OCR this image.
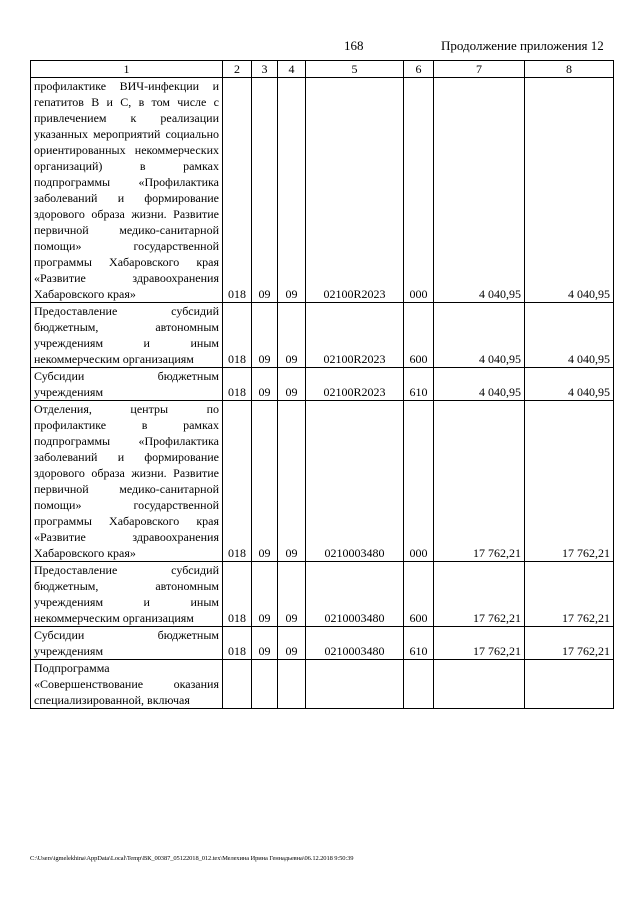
168	Продолжение приложения 12
1	2	3	4	5	6	7	8
профилактике ВИЧ-инфекции и гепатитов В и С, в том числе с привлечением к реализации указанных мероприятий социально ориентированных некоммерческих организаций) в рамках подпрограммы «Профилактика заболеваний и формирование здорового образа жизни. Развитие первичной медико-санитарной помощи» государственной программы Хабаровского края «Развитие здравоохранения Хабаровского края»	018	09	09	02100R2023	000	4 040,95	4 040,95
Предоставление субсидий бюджетным, автономным учреждениям и иным некоммерческим организациям	018	09	09	02100R2023	600	4 040,95	4 040,95
Субсидии бюджетным учреждениям	018	09	09	02100R2023	610	4 040,95	4 040,95
Отделения, центры по профилактике в рамках подпрограммы «Профилактика заболеваний и формирование здорового образа жизни. Развитие первичной медико-санитарной помощи» государственной программы Хабаровского края «Развитие здравоохранения Хабаровского края»	018	09	09	0210003480	000	17 762,21	17 762,21
Предоставление субсидий бюджетным, автономным учреждениям и иным некоммерческим организациям	018	09	09	0210003480	600	17 762,21	17 762,21
Субсидии бюджетным учреждениям	018	09	09	0210003480	610	17 762,21	17 762,21
Подпрограмма «Совершенствование оказания специализированной, включая							
C:\Users\igmelekhina\AppData\Local\Temp\ВК_00387_05122018_012.tex\Мелехина Ирина Геннадьевна\06.12.2018 9:50:39
